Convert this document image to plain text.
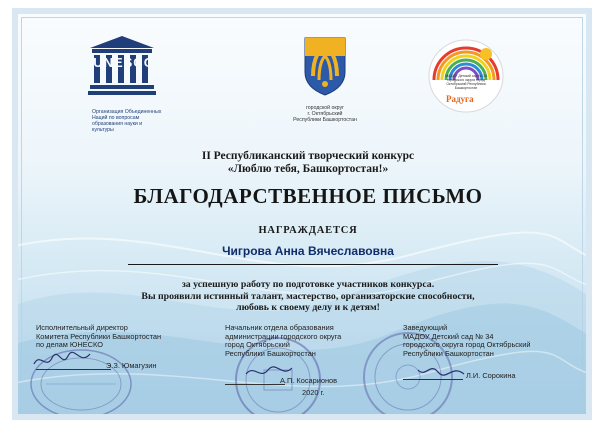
Организация Объединенных Наций по вопросам образования науки и культуры
UNESCO
городской округ
г. Октябрьский
Республики Башкортостан
МАДОУ Детский сад № 34 городского округа город Октябрьский Республики Башкортостан
Радуга
II Республиканский творческий конкурс
«Люблю тебя, Башкортостан!»
БЛАГОДАРСТВЕННОЕ ПИСЬМО
НАГРАЖДАЕТСЯ
Чигрова Анна Вячеславовна
за успешную работу по подготовке участников конкурса.
Вы проявили истинный талант, мастерство, организаторские способности,
любовь к своему делу и к детям!
Исполнительный директор
Комитета Республики Башкортостан
по делам ЮНЕСКО
Э.З. Юмагузин
Начальник отдела образования
администрации городского округа
город Октябрьский
Республики Башкортостан
А.П. Косарионов
2020 г.
Заведующий
МАДОУ Детский сад № 34
городского округа город Октябрьский
Республики Башкортостан
Л.И. Сорокина
